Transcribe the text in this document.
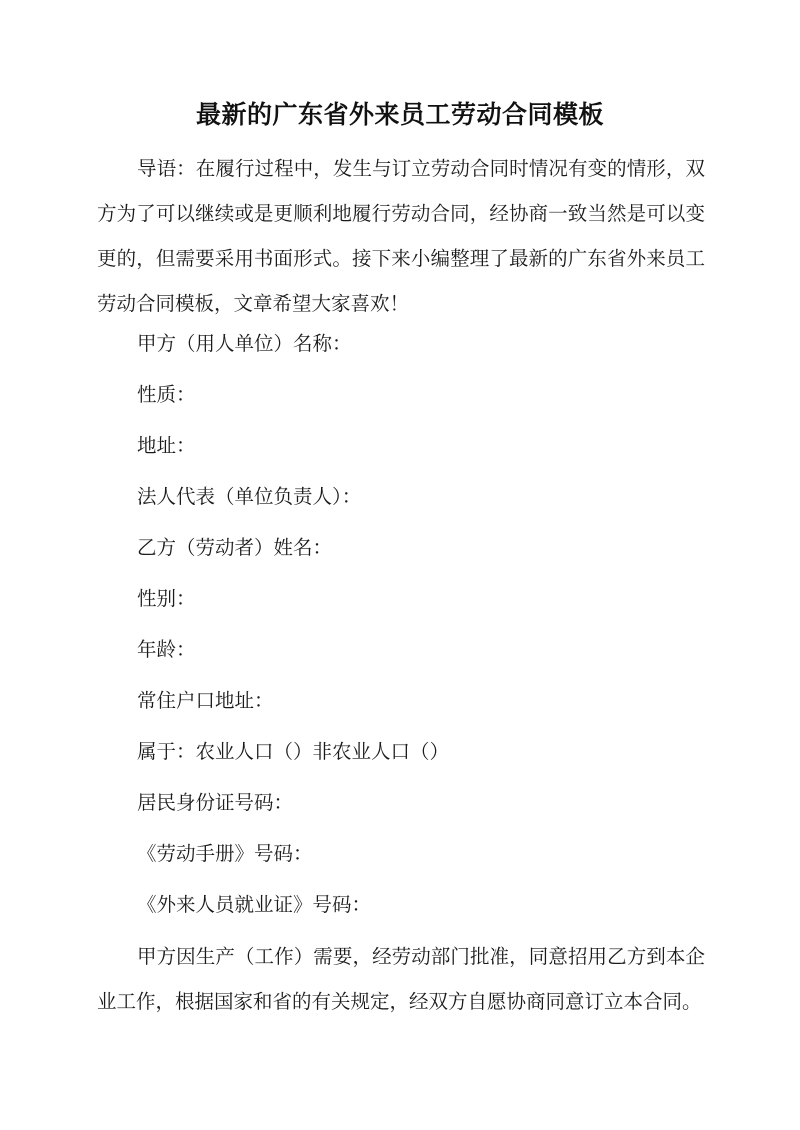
最新的广东省外来员工劳动合同模板

导语：在履行过程中，发生与订立劳动合同时情况有变的情形，双方为了可以继续或是更顺利地履行劳动合同，经协商一致当然是可以变更的，但需要采用书面形式。接下来小编整理了最新的广东省外来员工劳动合同模板，文章希望大家喜欢！

甲方（用人单位）名称：

性质：

地址：

法人代表（单位负责人）：

乙方（劳动者）姓名：

性别：

年龄：

常住户口地址：

属于：农业人口（）非农业人口（）

居民身份证号码：

《劳动手册》号码：

《外来人员就业证》号码：

甲方因生产（工作）需要，经劳动部门批准，同意招用乙方到本企业工作，根据国家和省的有关规定，经双方自愿协商同意订立本合同。
